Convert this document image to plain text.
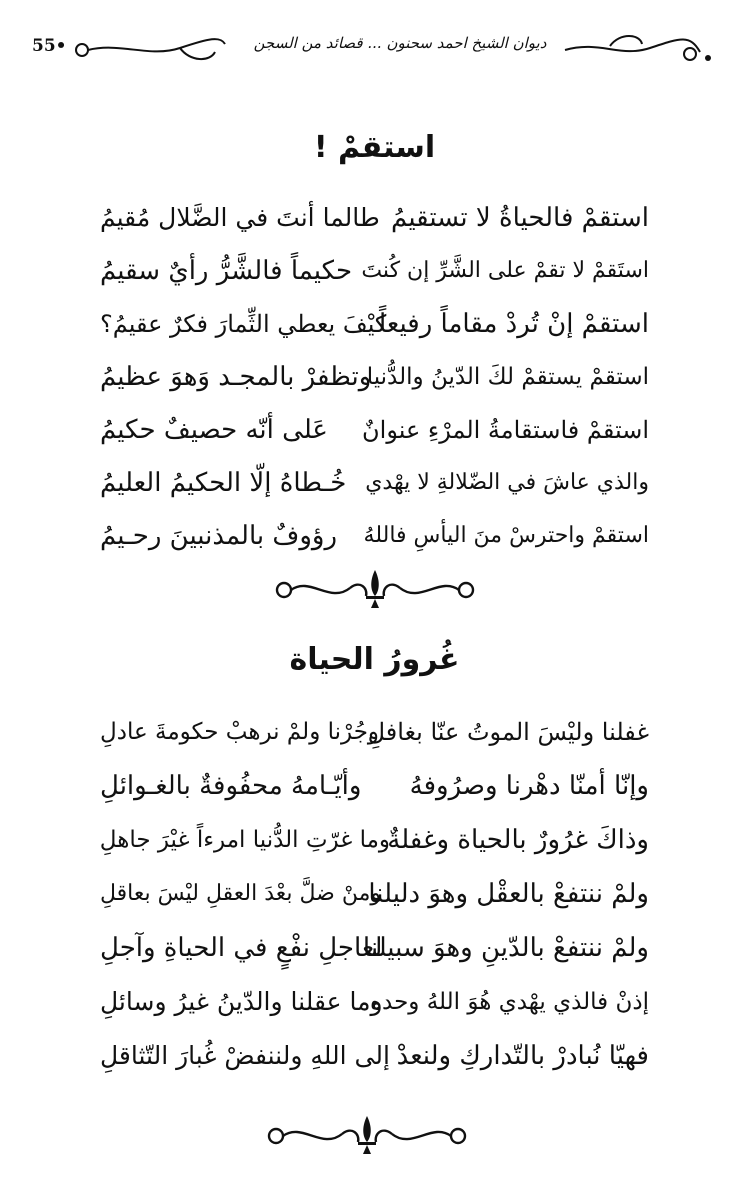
55•	ديوان الشيخ احمد سحنون ... قصائد من السجن
استقمْ !
استقمْ فالحياةُ لا تستقيمُ
طالما أنتَ في الضَّلال مُقيمُ
استَقمْ لا تقمْ على الشَّرِّ إن كُنتَ
حكيماً فالشَّرُّ رأيٌ سقيمُ
استقمْ إنْ تُردْ مقاماً رفيعاً
كيْفَ يعطي الثِّمارَ فكرٌ عقيمُ؟
استقمْ يستقمْ لكَ الدّينُ والدُّنيا
وتظفرْ بالمجـد وَهوَ عظيمُ
استقمْ فاستقامةُ المرْءِ عنوانٌ
عَلى أنّه حصيفٌ حكيمُ
والذي عاشَ في الضّلالةِ لا يهْدي
خُـطاهُ إلّا الحكيمُ العليمُ
استقمْ واحترسْ منَ اليأسِ فاللهُ
رؤوفٌ بالمذنبينَ رحـيمُ
غُرورُ الحياة
غفلنا وليْسَ الموتُ عنّا بغافلِ
وجُرْنا ولمْ نرهبْ حكومةَ عادلِ
وإنّا أمنّا دهْرنا وصرُوفهُ
وأيّـامهُ محفُوفةٌ بالغـوائلِ
وذاكَ غرُورٌ بالحياة وغفلةٌ
وما غرّتِ الدُّنيا امرءاً غيْرَ جاهلِ
ولمْ ننتفعْ بالعقْل وهوَ دليلنا
ومنْ ضلَّ بعْدَ العقلِ ليْسَ بعاقلِ
ولمْ ننتفعْ بالدّينِ وهوَ سبيلنا
لعاجلِ نفْعٍ في الحياةِ وآجلِ
إذنْ فالذي يهْدي هُوَ اللهُ وحده
وما عقلنا والدّينُ غيرُ وسائلِ
فهيّا نُبادرْ بالتّداركِ ولنعدْ
إلى اللهِ ولننفضْ غُبارَ التّثاقلِ
